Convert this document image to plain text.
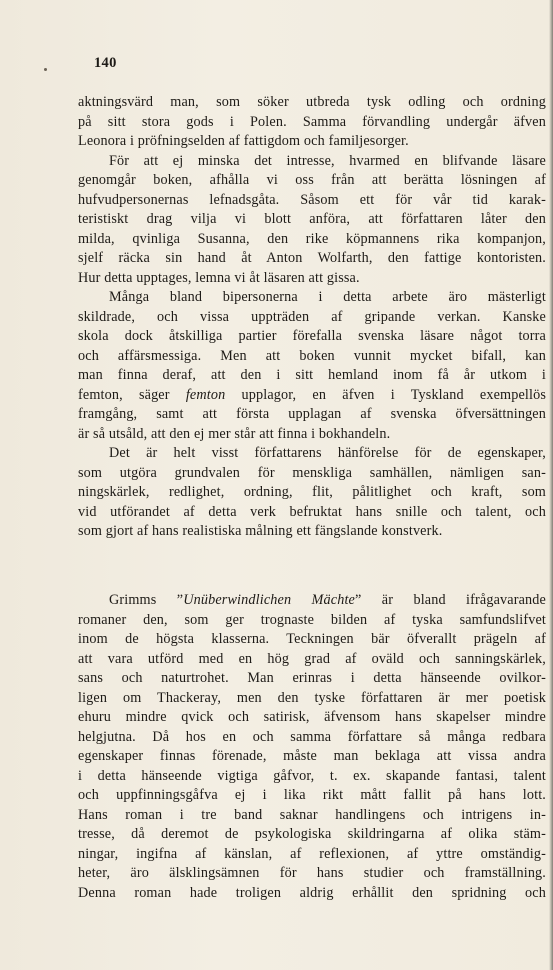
140
aktningsvärd man, som söker utbreda tysk odling och ordning
på sitt stora gods i Polen. Samma förvandling undergår äfven
Leonora i pröfningselden af fattigdom och familjesorger.
För att ej minska det intresse, hvarmed en blifvande läsare
genomgår boken, afhålla vi oss från att berätta lösningen af
hufvudpersonernas lefnadsgåta. Såsom ett för vår tid karak-
teristiskt drag vilja vi blott anföra, att författaren låter den
milda, qvinliga Susanna, den rike köpmannens rika kompanjon,
sjelf räcka sin hand åt Anton Wolfarth, den fattige kontoristen.
Hur detta upptages, lemna vi åt läsaren att gissa.
Många bland bipersonerna i detta arbete äro mästerligt
skildrade, och vissa uppträden af gripande verkan. Kanske
skola dock åtskilliga partier förefalla svenska läsare något torra
och affärsmessiga. Men att boken vunnit mycket bifall, kan
man finna deraf, att den i sitt hemland inom få år utkom i
femton, säger femton upplagor, en äfven i Tyskland exempellös
framgång, samt att första upplagan af svenska öfversättningen
är så utsåld, att den ej mer står att finna i bokhandeln.
Det är helt visst författarens hänförelse för de egenskaper,
som utgöra grundvalen för menskliga samhällen, nämligen san-
ningskärlek, redlighet, ordning, flit, pålitlighet och kraft, som
vid utförandet af detta verk befruktat hans snille och talent, och
som gjort af hans realistiska målning ett fängslande konstverk.
Grimms ”Unüberwindlichen Mächte” är bland ifrågavarande
romaner den, som ger trognaste bilden af tyska samfundslifvet
inom de högsta klasserna. Teckningen bär öfverallt prägeln af
att vara utförd med en hög grad af oväld och sanningskärlek,
sans och naturtrohet. Man erinras i detta hänseende ovilkor-
ligen om Thackeray, men den tyske författaren är mer poetisk
ehuru mindre qvick och satirisk, äfvensom hans skapelser mindre
helgjutna. Då hos en och samma författare så många redbara
egenskaper finnas förenade, måste man beklaga att vissa andra
i detta hänseende vigtiga gåfvor, t. ex. skapande fantasi, talent
och uppfinningsgåfva ej i lika rikt mått fallit på hans lott.
Hans roman i tre band saknar handlingens och intrigens in-
tresse, då deremot de psykologiska skildringarna af olika stäm-
ningar, ingifna af känslan, af reflexionen, af yttre omständig-
heter, äro älsklingsämnen för hans studier och framställning.
Denna roman hade troligen aldrig erhållit den spridning och
